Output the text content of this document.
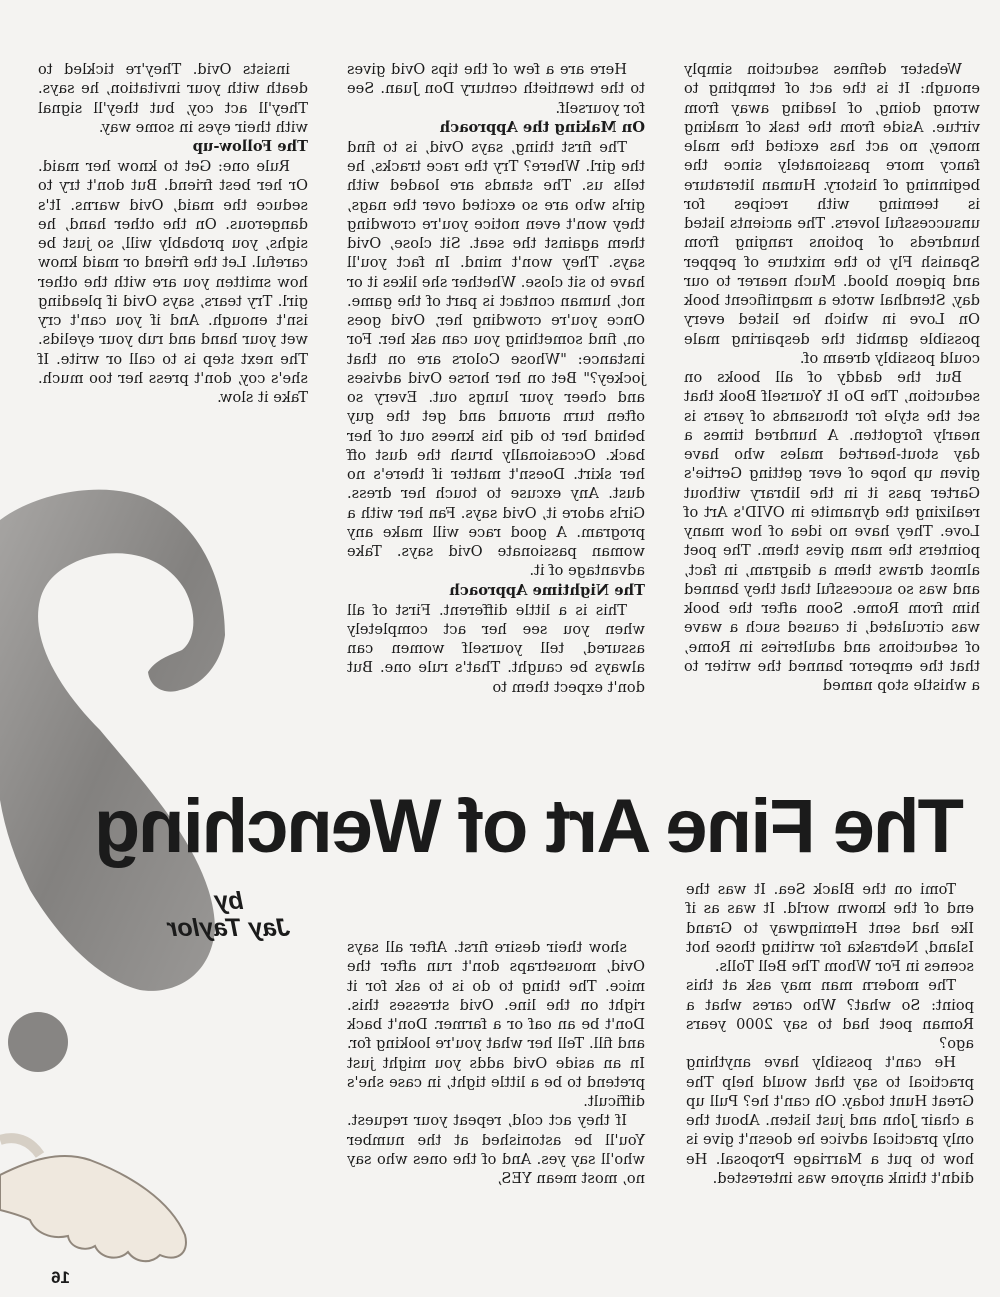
Webster defines seduction simply enough: It is the act of tempting to wrong doing, of leading away from virtue. Aside from the task of making money, no act has excited the male fancy more passionately since the beginning of history. Human literature is teeming with recipes for unsuccessful lovers. The ancients listed hundreds of potions ranging from Spanish Fly to the mixture of pepper and pigeon blood. Much nearer to our day, Stendhal wrote a magnificent book On Love in which he listed every possible gambit the despairing male could possibly dream of.

But the daddy of all books on seduction, The Do It Yourself Book that set the style for thousands of years is nearly forgotten. A hundred times a day stout-hearted males who have given up hope of ever getting Gertie's Garter pass it in the library without realizing the dynamite in OVID's Art of Love. They have no idea of how many pointers the man gives them. The poet almost draws them a diagram, in fact, and was so successful that they banned him from Rome. Soon after the book was circulated, it caused such a wave of seductions and adulteries in Rome, that the emperor banned the writer to a whistle stop named

Here are a few of the tips Ovid gives to the twentieth century Don Juan. See for yourself.

On Making the Approach

The first thing, says Ovid, is to find the girl. Where? Try the race tracks, he tells us. The stands are loaded with girls who are so excited over the nags, they won't even notice you're crowding them against the seat. Sit close, Ovid says. They won't mind. In fact you'll have to sit close. Whether she likes it or not, human contact is part of the game. Once you're crowding her, Ovid goes on, find something you can ask her. For instance: "Whose Colors are on that jockey?" Bet on her horse Ovid advises and cheer your lungs out. Every so often turn around and get the guy behind her to dig his knees out of her back. Occasionally brush the dust off her skirt. Doesn't matter if there's no dust. Any excuse to touch her dress. Girls adore it, Ovid says. Fan her with a program. A good race will make any woman passionate Ovid says. Take advantage of it.

The Nightime Approach

This is a little different. First of all when you see her act completely assured, tell yourself women can always be caught. That's rule one. But don't expect them to

insists Ovid. They're tickled to death with your invitation, he says. They'll act coy, but they'll signal with their eyes in some way.

The Follow-up

Rule one: Get to know her maid. Or her best friend. But don't try to seduce the maid, Ovid warns. It's dangerous. On the other hand, he sighs, you probably will, so just be careful. Let the friend or maid know how smitten you are with the other girl. Try tears, says Ovid if pleading isn't enough. And if you can't cry wet your hand and rub your eyelids. The next step is to call or write. If she's coy, don't press her too much. Take it slow.

The Fine Art of Wenching
by
Jay Taylor

Tomi on the Black Sea. It was the end of the known world. It was as if Ike had sent Hemingway to Grand Island, Nebraska for writing those hot scenes in For Whom The Bell Tolls.

The modern man may ask at this point: So what? Who cares what a Roman poet had to say 2000 years ago?

He can't possibly have anything practical to say that would help The Great Hunt today. Oh can't he? Pull up a chair John and just listen. About the only practical advice he doesn't give is how to put a Marriage Proposal. He didn't think anyone was interested.

show their desire first. After all says Ovid, mousetraps don't run after the mice. The thing to do is to ask for it right on the line. Ovid stresses this. Don't be an oaf or a farmer. Don't back and fill. Tell her what you're looking for. In an aside Ovid adds you might just pretend to be a little tight, in case she's difficult.

If they act cold, repeat your request. You'll be astonished at the number who'll say yes. And of the ones who say no, most mean YES,

16
